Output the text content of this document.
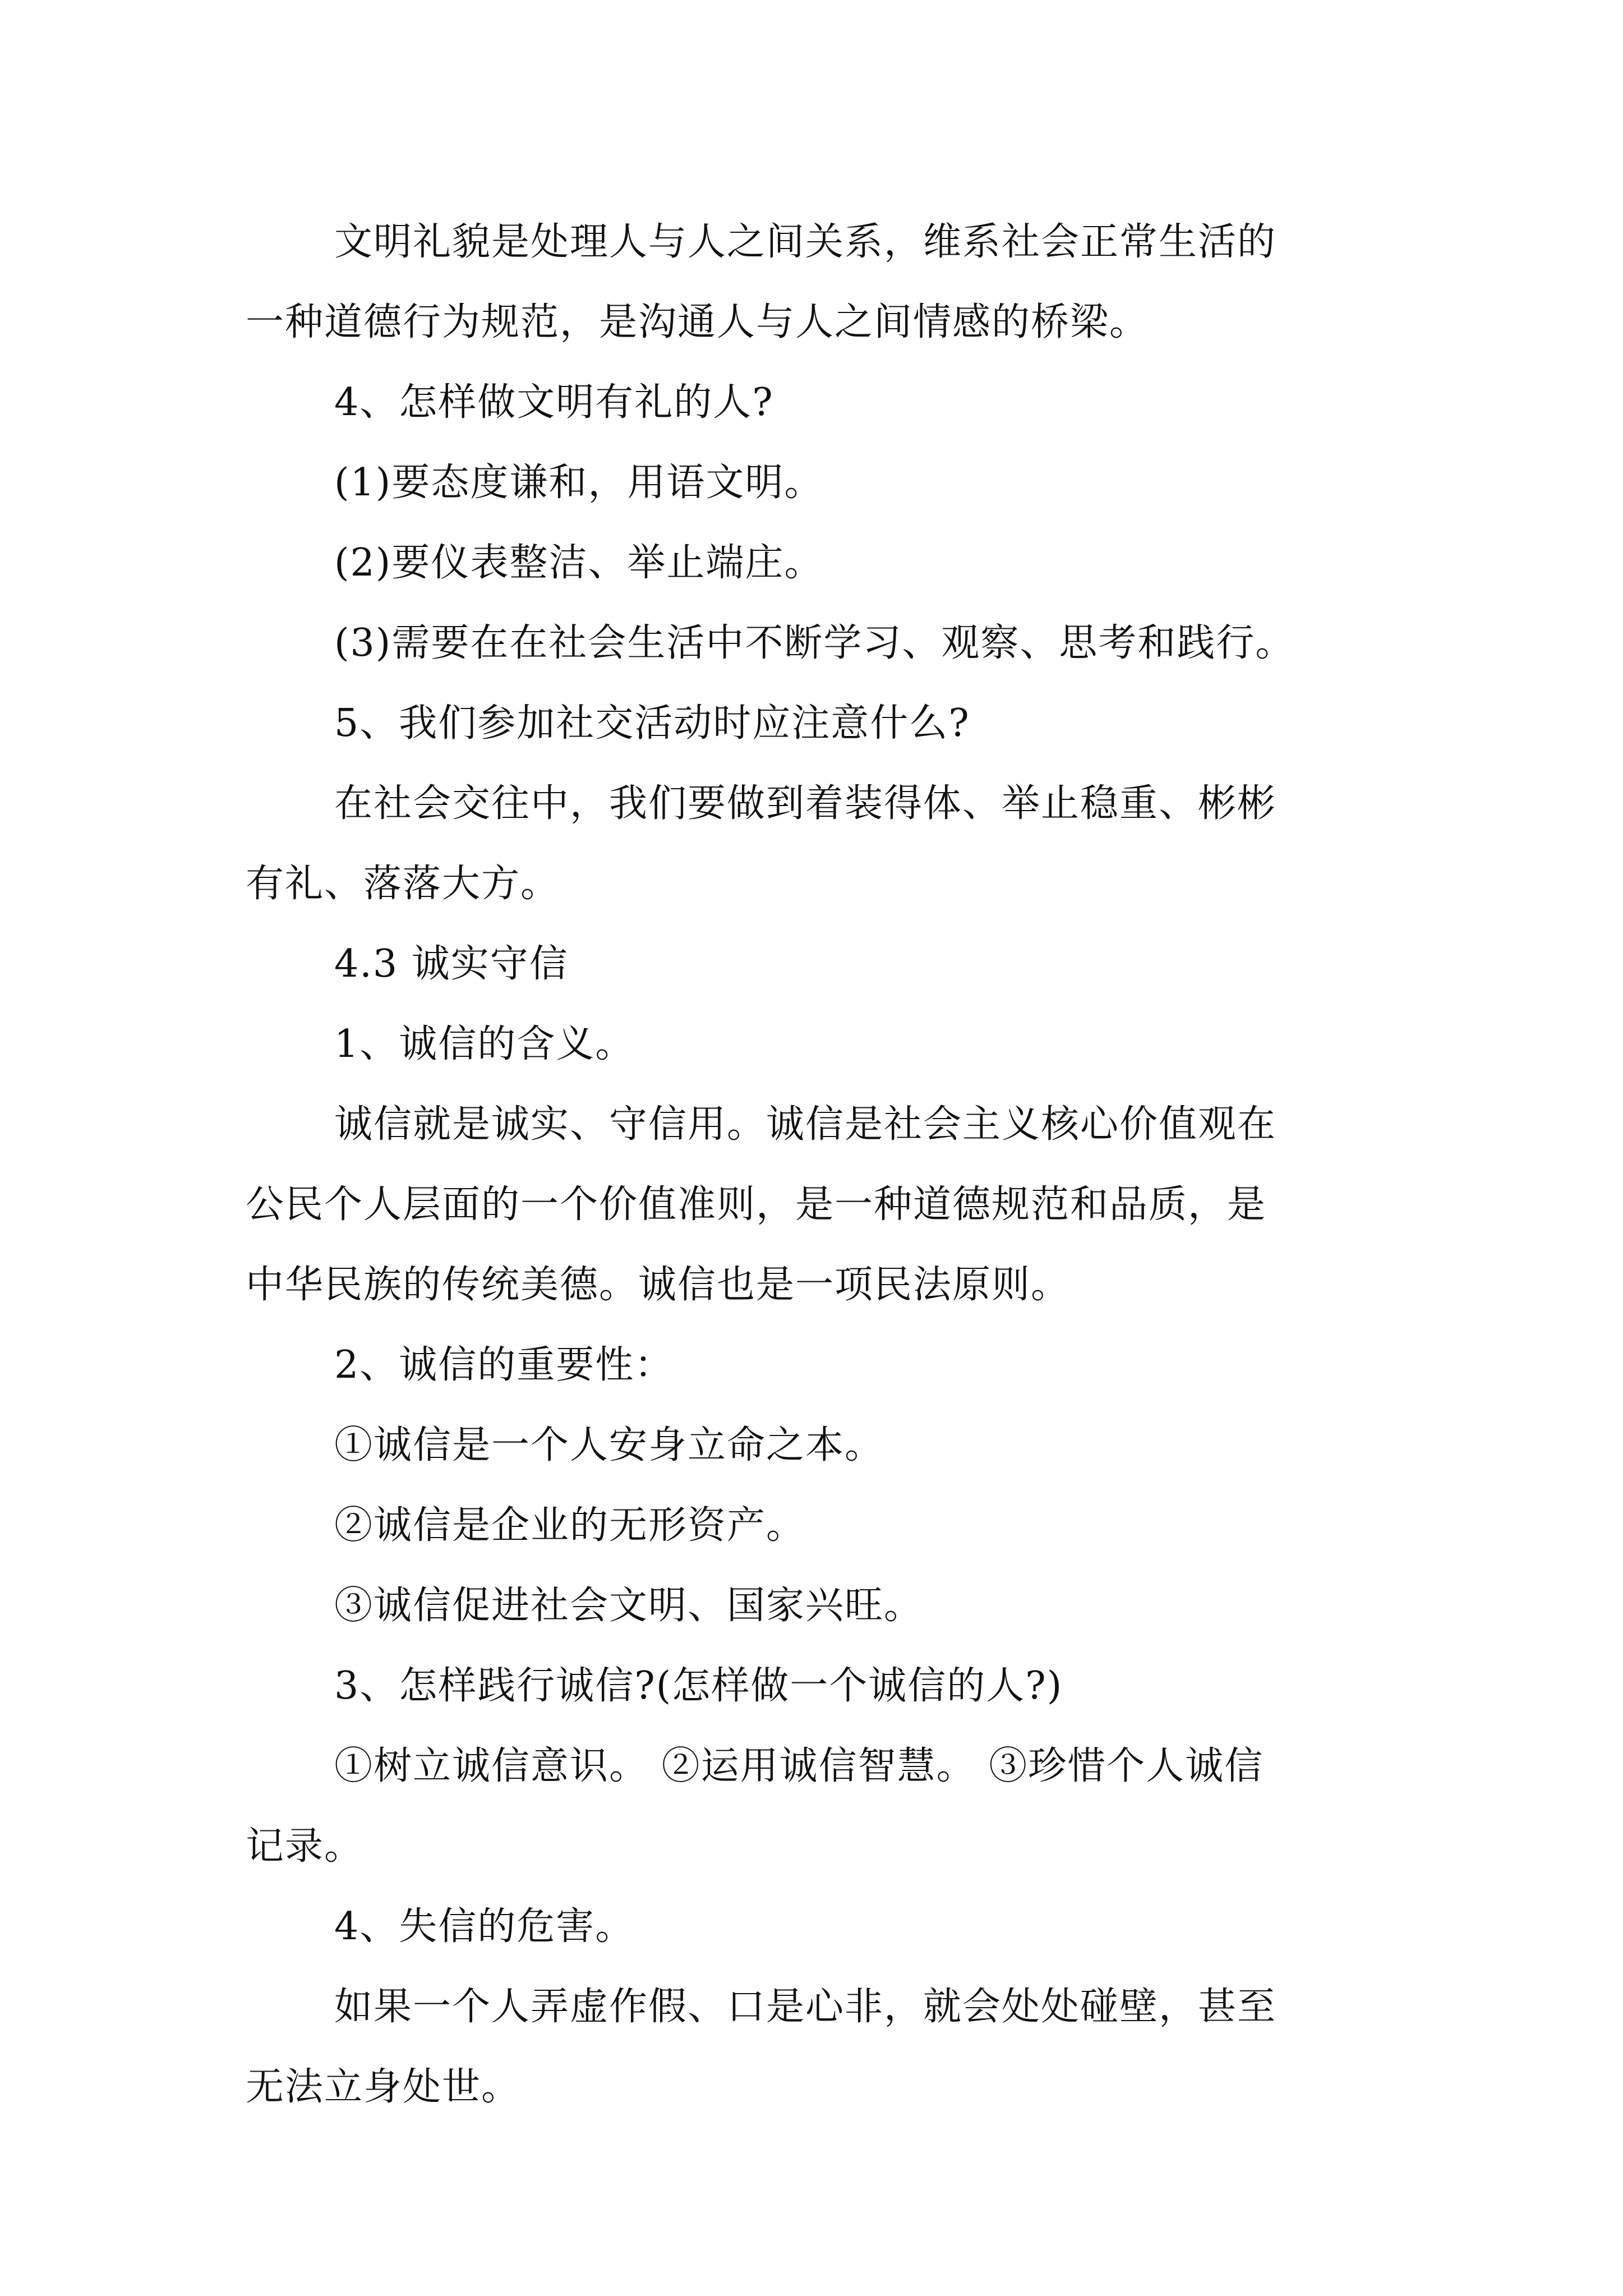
文明礼貌是处理人与人之间关系，维系社会正常生活的
一种道德行为规范，是沟通人与人之间情感的桥梁。
4、怎样做文明有礼的人?
(1)要态度谦和，用语文明。
(2)要仪表整洁、举止端庄。
(3)需要在在社会生活中不断学习、观察、思考和践行。
5、我们参加社交活动时应注意什么?
在社会交往中，我们要做到着装得体、举止稳重、彬彬
有礼、落落大方。
4.3 诚实守信
1、诚信的含义。
诚信就是诚实、守信用。诚信是社会主义核心价值观在
公民个人层面的一个价值准则，是一种道德规范和品质，是
中华民族的传统美德。诚信也是一项民法原则。
2、诚信的重要性：
①诚信是一个人安身立命之本。
②诚信是企业的无形资产。
③诚信促进社会文明、国家兴旺。
3、怎样践行诚信?(怎样做一个诚信的人?)
①树立诚信意识。 ②运用诚信智慧。 ③珍惜个人诚信
记录。
4、失信的危害。
如果一个人弄虚作假、口是心非，就会处处碰壁，甚至
无法立身处世。
